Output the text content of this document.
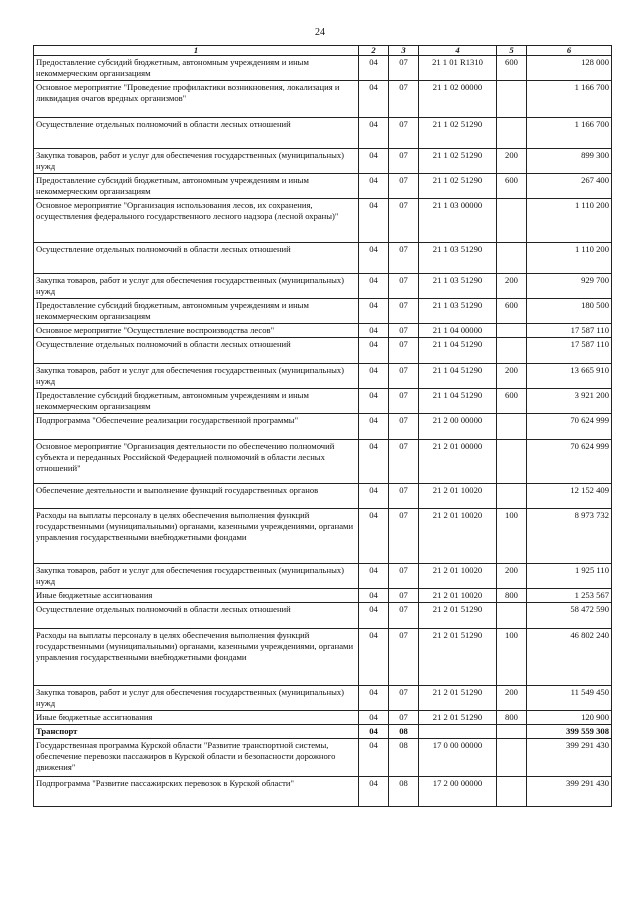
24
1	2	3	4	5	6
Предоставление субсидий бюджетным, автономным учреждениям и иным некоммерческим организациям	04	07	21 1 01 R1310	600	128 000
Основное мероприятие "Проведение профилактики возникновения, локализация и ликвидация очагов вредных организмов"	04	07	21 1 02 00000		1 166 700
Осуществление отдельных полномочий в области лесных отношений	04	07	21 1 02 51290		1 166 700
Закупка товаров, работ и услуг для обеспечения государственных (муниципальных) нужд	04	07	21 1 02 51290	200	899 300
Предоставление субсидий бюджетным, автономным учреждениям и иным некоммерческим организациям	04	07	21 1 02 51290	600	267 400
Основное мероприятие "Организация использования лесов, их сохранения, осуществления федерального государственного лесного надзора (лесной охраны)"	04	07	21 1 03 00000		1 110 200
Осуществление отдельных полномочий в области лесных отношений	04	07	21 1 03 51290		1 110 200
Закупка товаров, работ и услуг для обеспечения государственных (муниципальных) нужд	04	07	21 1 03 51290	200	929 700
Предоставление субсидий бюджетным, автономным учреждениям и иным некоммерческим организациям	04	07	21 1 03 51290	600	180 500
Основное мероприятие "Осуществление воспроизводства лесов"	04	07	21 1 04 00000		17 587 110
Осуществление отдельных полномочий в области лесных отношений	04	07	21 1 04 51290		17 587 110
Закупка товаров, работ и услуг для обеспечения государственных (муниципальных) нужд	04	07	21 1 04 51290	200	13 665 910
Предоставление субсидий бюджетным, автономным учреждениям и иным некоммерческим организациям	04	07	21 1 04 51290	600	3 921 200
Подпрограмма "Обеспечение реализации государственной программы"	04	07	21 2 00 00000		70 624 999
Основное мероприятие "Организация деятельности по обеспечению полномочий субъекта и переданных Российской Федерацией полномочий в области лесных отношений"	04	07	21 2 01 00000		70 624 999
Обеспечение деятельности и выполнение функций государственных органов	04	07	21 2 01 10020		12 152 409
Расходы на выплаты персоналу в целях обеспечения выполнения функций государственными (муниципальными) органами, казенными учреждениями, органами управления государственными внебюджетными фондами	04	07	21 2 01 10020	100	8 973 732
Закупка товаров, работ и услуг для обеспечения государственных (муниципальных) нужд	04	07	21 2 01 10020	200	1 925 110
Иные бюджетные ассигнования	04	07	21 2 01 10020	800	1 253 567
Осуществление отдельных полномочий в области лесных отношений	04	07	21 2 01 51290		58 472 590
Расходы на выплаты персоналу в целях обеспечения выполнения функций государственными (муниципальными) органами, казенными учреждениями, органами управления государственными внебюджетными фондами	04	07	21 2 01 51290	100	46 802 240
Закупка товаров, работ и услуг для обеспечения государственных (муниципальных) нужд	04	07	21 2 01 51290	200	11 549 450
Иные бюджетные ассигнования	04	07	21 2 01 51290	800	120 900
Транспорт	04	08			399 559 308
Государственная программа Курской области "Развитие транспортной системы, обеспечение перевозки пассажиров в Курской области и безопасности дорожного движения"	04	08	17 0 00 00000		399 291 430
Подпрограмма "Развитие пассажирских перевозок в Курской области"	04	08	17 2 00 00000		399 291 430
